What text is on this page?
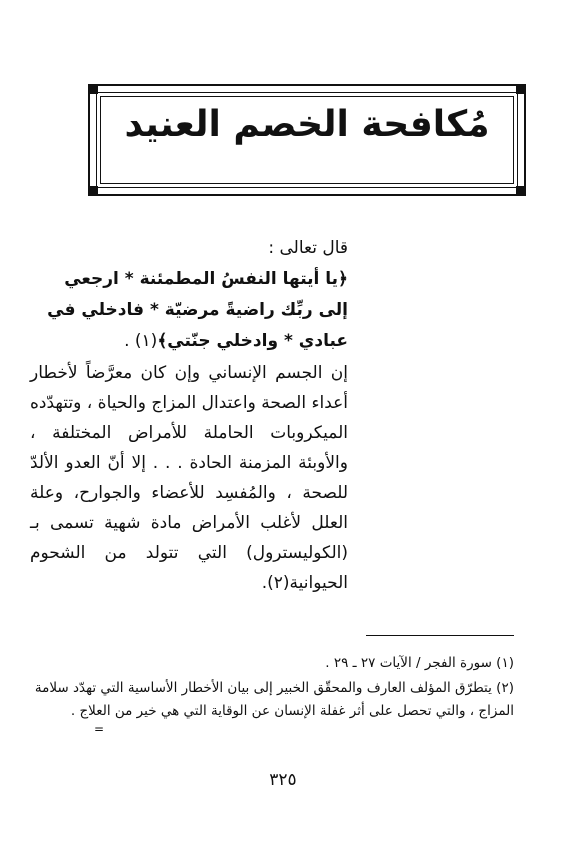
مُكافحة الخصم العنيد
قال تعالى :
﴿يا أيتها النفسُ المطمئنة * ارجعي إلى ربِّك راضيةً مرضيّة * فادخلي في عبادي * وادخلي جنّتي﴾(١) .
إن الجسم الإنساني وإن كان معرَّضاً لأخطار أعداء الصحة واعتدال المزاج والحياة ، وتتهدّده الميكروبات الحاملة للأمراض المختلفة ، والأوبئة المزمنة الحادة . . . إلا أنّ العدو الألدّ للصحة ، والمُفسِد للأعضاء والجوارح، وعلة العلل لأغلب الأمراض مادة شهية تسمى بـ (الكوليسترول) التي تتولد من الشحوم الحيوانية(٢).

(١) سورة الفجر / الآيات ٢٧ ـ ٢٩ .

(٢) يتطرّق المؤلف العارف والمحقّق الخبير إلى بيان الأخطار الأساسية التي تهدّد سلامة المزاج ، والتي تحصل على أثر غفلة الإنسان عن الوقاية التي هي خير من العلاج .

=
٣٢٥
